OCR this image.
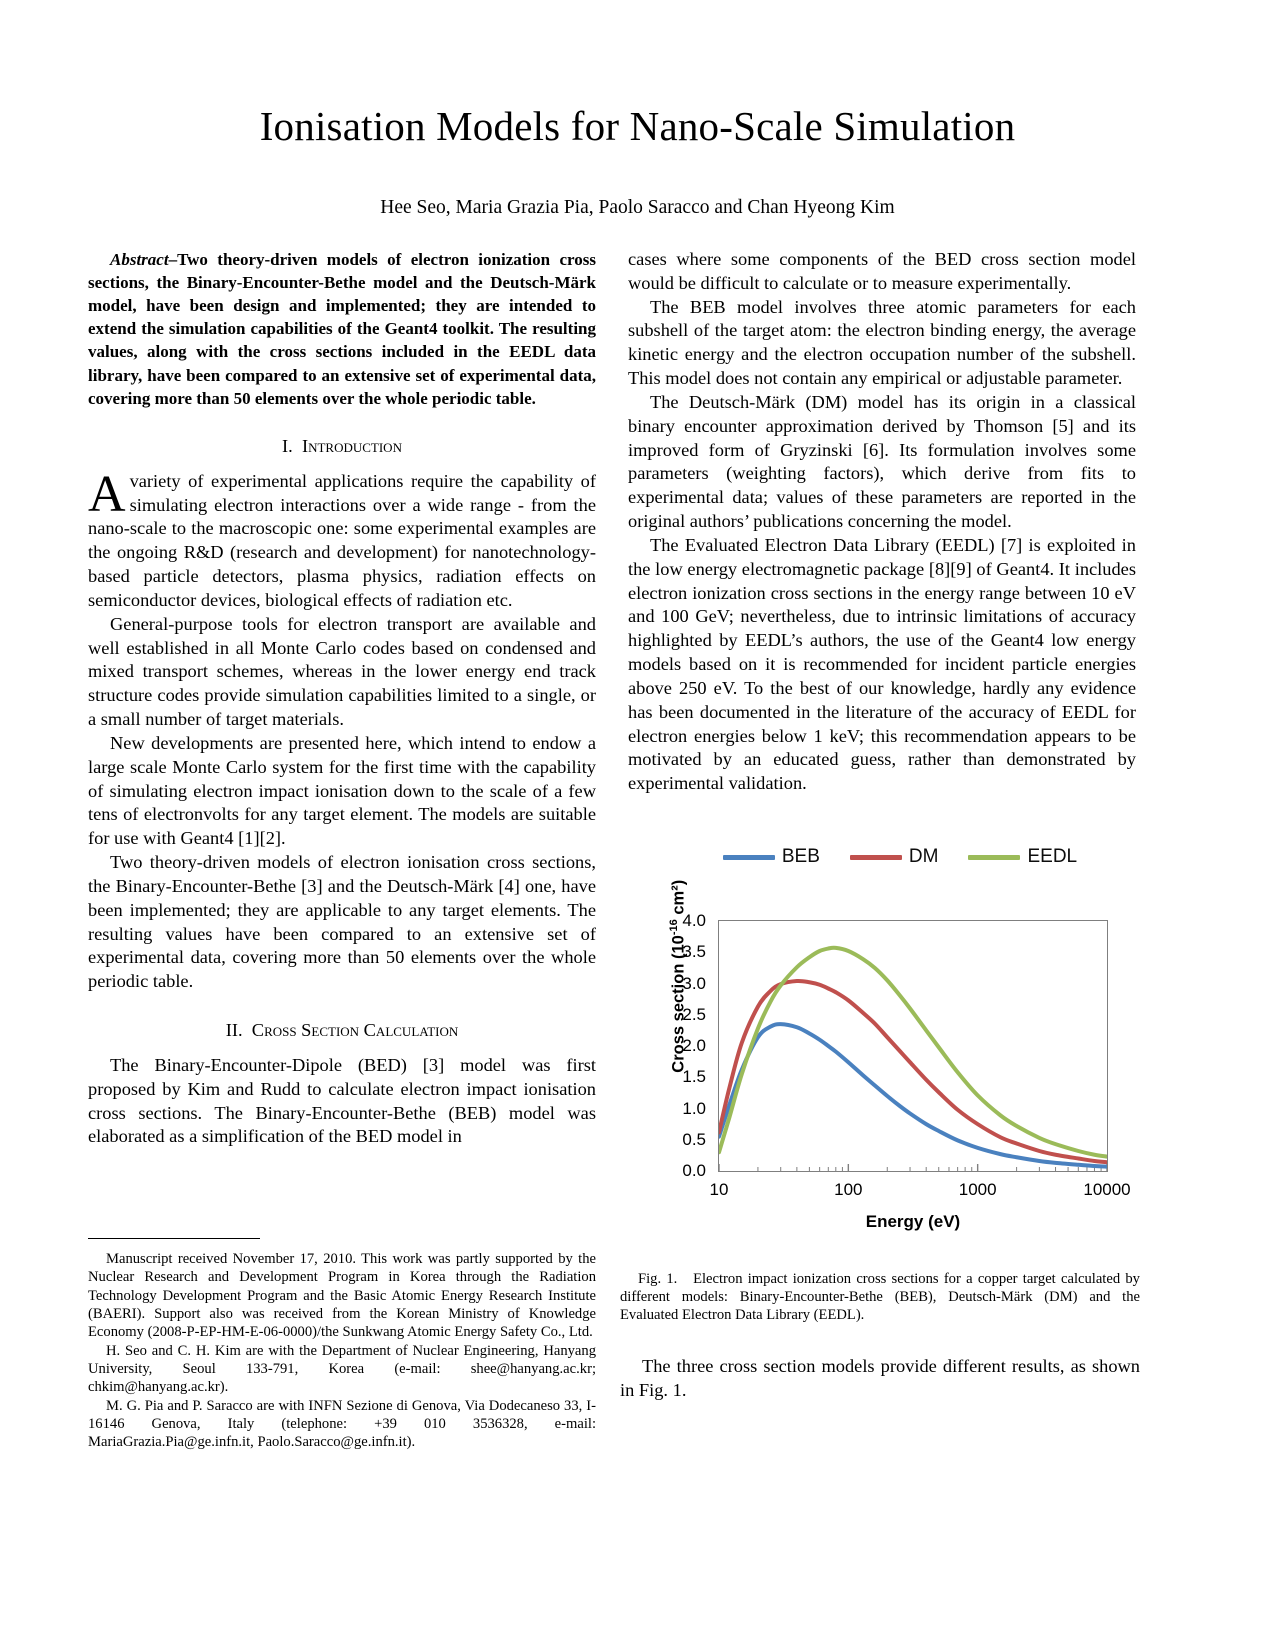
Ionisation Models for Nano-Scale Simulation
Hee Seo, Maria Grazia Pia, Paolo Saracco and Chan Hyeong Kim

Abstract–Two theory-driven models of electron ionization cross sections, the Binary-Encounter-Bethe model and the Deutsch-Märk model, have been design and implemented; they are intended to extend the simulation capabilities of the Geant4 toolkit. The resulting values, along with the cross sections included in the EEDL data library, have been compared to an extensive set of experimental data, covering more than 50 elements over the whole periodic table.

I. Introduction

Avariety of experimental applications require the capability of simulating electron interactions over a wide range - from the nano-scale to the macroscopic one: some experimental examples are the ongoing R&D (research and development) for nanotechnology-based particle detectors, plasma physics, radiation effects on semiconductor devices, biological effects of radiation etc.

General-purpose tools for electron transport are available and well established in all Monte Carlo codes based on condensed and mixed transport schemes, whereas in the lower energy end track structure codes provide simulation capabilities limited to a single, or a small number of target materials.

New developments are presented here, which intend to endow a large scale Monte Carlo system for the first time with the capability of simulating electron impact ionisation down to the scale of a few tens of electronvolts for any target element. The models are suitable for use with Geant4 [1][2].

Two theory-driven models of electron ionisation cross sections, the Binary-Encounter-Bethe [3] and the Deutsch-Märk [4] one, have been implemented; they are applicable to any target elements. The resulting values have been compared to an extensive set of experimental data, covering more than 50 elements over the whole periodic table.

II. Cross Section Calculation

The Binary-Encounter-Dipole (BED) [3] model was first proposed by Kim and Rudd to calculate electron impact ionisation cross sections. The Binary-Encounter-Bethe (BEB) model was elaborated as a simplification of the BED model in

cases where some components of the BED cross section model would be difficult to calculate or to measure experimentally.

The BEB model involves three atomic parameters for each subshell of the target atom: the electron binding energy, the average kinetic energy and the electron occupation number of the subshell. This model does not contain any empirical or adjustable parameter.

The Deutsch-Märk (DM) model has its origin in a classical binary encounter approximation derived by Thomson [5] and its improved form of Gryzinski [6]. Its formulation involves some parameters (weighting factors), which derive from fits to experimental data; values of these parameters are reported in the original authors’ publications concerning the model.

The Evaluated Electron Data Library (EEDL) [7] is exploited in the low energy electromagnetic package [8][9] of Geant4. It includes electron ionization cross sections in the energy range between 10 eV and 100 GeV; nevertheless, due to intrinsic limitations of accuracy highlighted by EEDL’s authors, the use of the Geant4 low energy models based on it is recommended for incident particle energies above 250 eV. To the best of our knowledge, hardly any evidence has been documented in the literature of the accuracy of EEDL for electron energies below 1 keV; this recommendation appears to be motivated by an educated guess, rather than demonstrated by experimental validation.

Manuscript received November 17, 2010. This work was partly supported by the Nuclear Research and Development Program in Korea through the Radiation Technology Development Program and the Basic Atomic Energy Research Institute (BAERI). Support also was received from the Korean Ministry of Knowledge Economy (2008-P-EP-HM-E-06-0000)/the Sunkwang Atomic Energy Safety Co., Ltd.

H. Seo and C. H. Kim are with the Department of Nuclear Engineering, Hanyang University, Seoul 133-791, Korea (e-mail: shee@hanyang.ac.kr; chkim@hanyang.ac.kr).

M. G. Pia and P. Saracco are with INFN Sezione di Genova, Via Dodecaneso 33, I-16146 Genova, Italy (telephone: +39 010 3536328, e-mail: MariaGrazia.Pia@ge.infn.it, Paolo.Saracco@ge.infn.it).

BEB	DM	EEDL
Cross section ($10^{-16}$ cm²)
0.0
0.5
1.0
1.5
2.0
2.5
3.0
3.5
4.0
10	100	1000	10000
Energy (eV)
Fig. 1. Electron impact ionization cross sections for a copper target calculated by different models: Binary-Encounter-Bethe (BEB), Deutsch-Märk (DM) and the Evaluated Electron Data Library (EEDL).

The three cross section models provide different results, as shown in Fig. 1.
